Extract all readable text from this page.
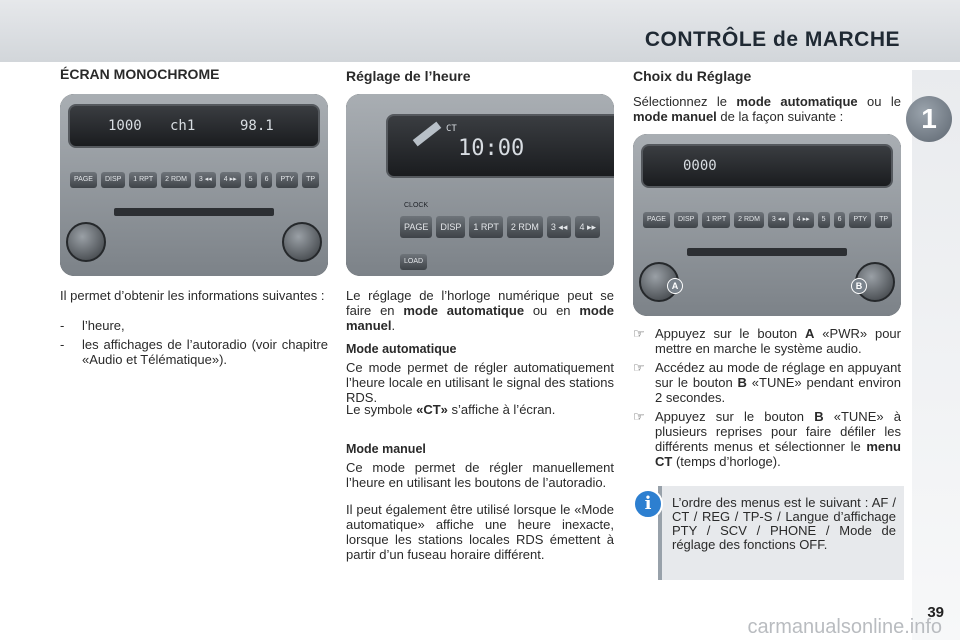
CONTRÔLE de MARCHE
1
ÉCRAN MONOCHROME
1000 ch1	98.1
PAGE	DISP	1 RPT	2 RDM	3 ◂◂	4 ▸▸	5	6	PTY	TP

Il permet d’obtenir les informations suivantes :

- l’heure,
- les affichages de l’autoradio (voir chapitre «Audio et Télématique»).
Réglage de l’heure
CT
10:00
CLOCK
PAGE	DISP	1 RPT	2 RDM	3 ◂◂	4 ▸▸
LOAD

Le réglage de l’horloge numérique peut se faire en mode automatique ou en mode manuel.

Mode automatique

Ce mode permet de régler automatiquement l’heure locale en utilisant le signal des stations RDS.

Le symbole «CT» s’affiche à l’écran.

Mode manuel

Ce mode permet de régler manuellement l’heure en utilisant les boutons de l’autoradio.

Il peut également être utilisé lorsque le «Mode automatique» affiche une heure inexacte, lorsque les stations locales RDS émettent à partir d’un fuseau horaire différent.

Choix du Réglage

Sélectionnez le mode automatique ou le mode manuel de la façon suivante :

0000
PAGE	DISP	1 RPT	2 RDM	3 ◂◂	4 ▸▸	5	6	PTY	TP
A	B
☞ Appuyez sur le bouton A «PWR» pour mettre en marche le système audio.
☞ Accédez au mode de réglage en appuyant sur le bouton B «TUNE» pendant environ 2 secondes.
☞ Appuyez sur le bouton B «TUNE» à plusieurs reprises pour faire défiler les différents menus et sélectionner le menu CT (temps d’horloge).
i	L’ordre des menus est le suivant : AF / CT / REG / TP-S / Langue d’affichage PTY / SCV / PHONE / Mode de réglage des fonctions OFF.

39
carmanualsonline.info
